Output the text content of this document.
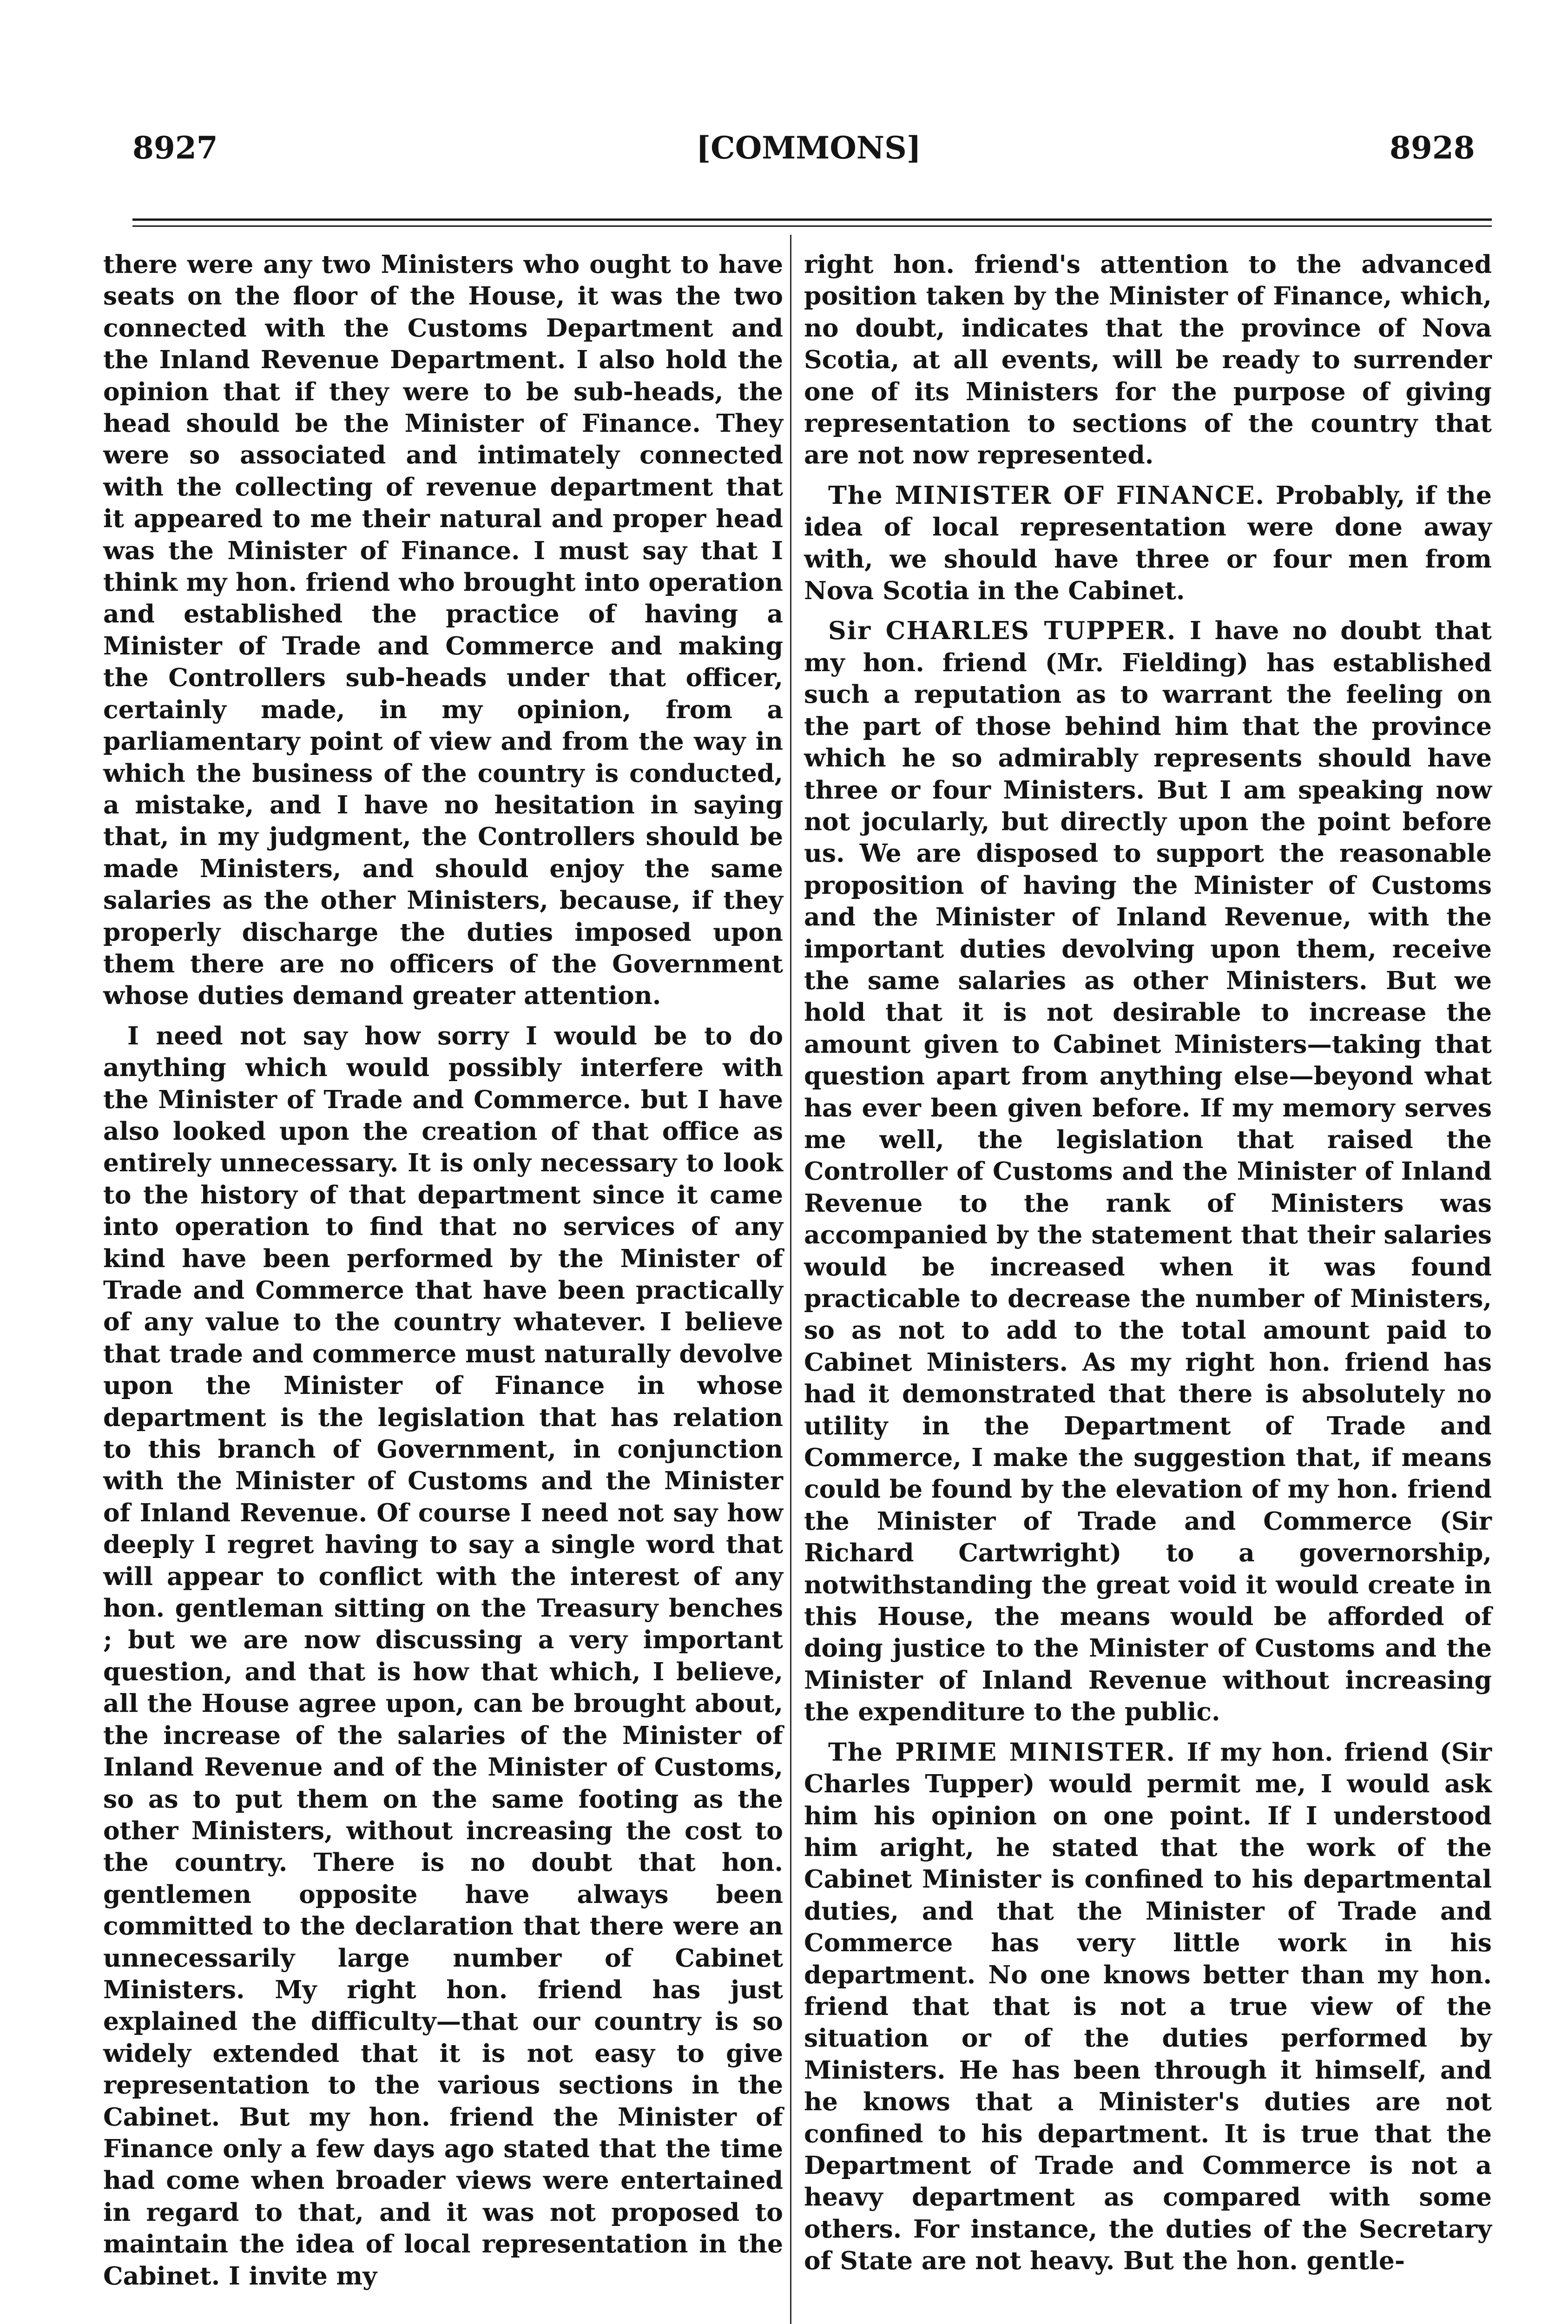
8927	[COMMONS]	8928

there were any two Ministers who ought to have seats on the floor of the House, it was the two connected with the Customs Department and the Inland Revenue Department. I also hold the opinion that if they were to be sub-heads, the head should be the Minister of Finance. They were so associated and intimately connected with the collecting of revenue department that it appeared to me their natural and proper head was the Minister of Finance. I must say that I think my hon. friend who brought into operation and established the practice of having a Minister of Trade and Commerce and making the Controllers sub-heads under that officer, certainly made, in my opinion, from a parliamentary point of view and from the way in which the business of the country is conducted, a mistake, and I have no hesitation in saying that, in my judgment, the Controllers should be made Ministers, and should enjoy the same salaries as the other Ministers, because, if they properly discharge the duties imposed upon them there are no officers of the Government whose duties demand greater attention.

I need not say how sorry I would be to do anything which would possibly interfere with the Minister of Trade and Commerce. but I have also looked upon the creation of that office as entirely unnecessary. It is only necessary to look to the history of that department since it came into operation to find that no services of any kind have been performed by the Minister of Trade and Commerce that have been practically of any value to the country whatever. I believe that trade and commerce must naturally devolve upon the Minister of Finance in whose department is the legislation that has relation to this branch of Government, in conjunction with the Minister of Customs and the Minister of Inland Revenue. Of course I need not say how deeply I regret having to say a single word that will appear to conflict with the interest of any hon. gentleman sitting on the Treasury benches ; but we are now discussing a very important question, and that is how that which, I believe, all the House agree upon, can be brought about, the increase of the salaries of the Minister of Inland Revenue and of the Minister of Customs, so as to put them on the same footing as the other Ministers, without increasing the cost to the country. There is no doubt that hon. gentlemen opposite have always been committed to the declaration that there were an unnecessarily large number of Cabinet Ministers. My right hon. friend has just explained the difficulty—that our country is so widely extended that it is not easy to give representation to the various sections in the Cabinet. But my hon. friend the Minister of Finance only a few days ago stated that the time had come when broader views were entertained in regard to that, and it was not proposed to maintain the idea of local representation in the Cabinet. I invite my

right hon. friend's attention to the advanced position taken by the Minister of Finance, which, no doubt, indicates that the province of Nova Scotia, at all events, will be ready to surrender one of its Ministers for the purpose of giving representation to sections of the country that are not now represented.

The MINISTER OF FINANCE. Probably, if the idea of local representation were done away with, we should have three or four men from Nova Scotia in the Cabinet.

Sir CHARLES TUPPER. I have no doubt that my hon. friend (Mr. Fielding) has established such a reputation as to warrant the feeling on the part of those behind him that the province which he so admirably represents should have three or four Ministers. But I am speaking now not jocularly, but directly upon the point before us. We are disposed to support the reasonable proposition of having the Minister of Customs and the Minister of Inland Revenue, with the important duties devolving upon them, receive the same salaries as other Ministers. But we hold that it is not desirable to increase the amount given to Cabinet Ministers—taking that question apart from anything else—beyond what has ever been given before. If my memory serves me well, the legislation that raised the Controller of Customs and the Minister of Inland Revenue to the rank of Ministers was accompanied by the statement that their salaries would be increased when it was found practicable to decrease the number of Ministers, so as not to add to the total amount paid to Cabinet Ministers. As my right hon. friend has had it demonstrated that there is absolutely no utility in the Department of Trade and Commerce, I make the suggestion that, if means could be found by the elevation of my hon. friend the Minister of Trade and Commerce (Sir Richard Cartwright) to a governorship, notwithstanding the great void it would create in this House, the means would be afforded of doing justice to the Minister of Customs and the Minister of Inland Revenue without increasing the expenditure to the public.

The PRIME MINISTER. If my hon. friend (Sir Charles Tupper) would permit me, I would ask him his opinion on one point. If I understood him aright, he stated that the work of the Cabinet Minister is confined to his departmental duties, and that the Minister of Trade and Commerce has very little work in his department. No one knows better than my hon. friend that that is not a true view of the situation or of the duties performed by Ministers. He has been through it himself, and he knows that a Minister's duties are not confined to his department. It is true that the Department of Trade and Commerce is not a heavy department as compared with some others. For instance, the duties of the Secretary of State are not heavy. But the hon. gentle-
